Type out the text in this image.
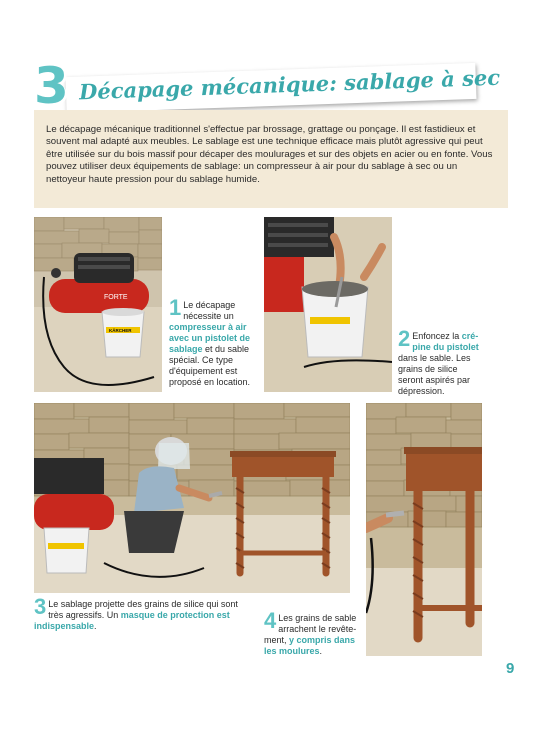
3 Décapage mécanique: sablage à sec
Le décapage mécanique traditionnel s'effectue par brossage, grattage ou ponçage. Il est fastidieux et souvent mal adapté aux meubles. Le sablage est une technique efficace mais plutôt agressive qui peut être utilisée sur du bois massif pour décaper des moulurages et sur des objets en acier ou en fonte. Vous pouvez utiliser deux équipements de sablage: un compresseur à air pour du sablage à sec ou un nettoyeur haute pression pour du sablage humide.
FORTE
KÄRCHER
1 Le décapage nécessite un compresseur à air avec un pistolet de sablage et du sable spécial. Ce type d'équipement est proposé en location.
2 Enfoncez la crépine du pistolet dans le sable. Les grains de silice seront aspirés par dépression.
3 Le sablage projette des grains de silice qui sont très agressifs. Un masque de protection est indispensable.	4 Les grains de sable arrachent le revêtement, y compris dans les moulures.
9
